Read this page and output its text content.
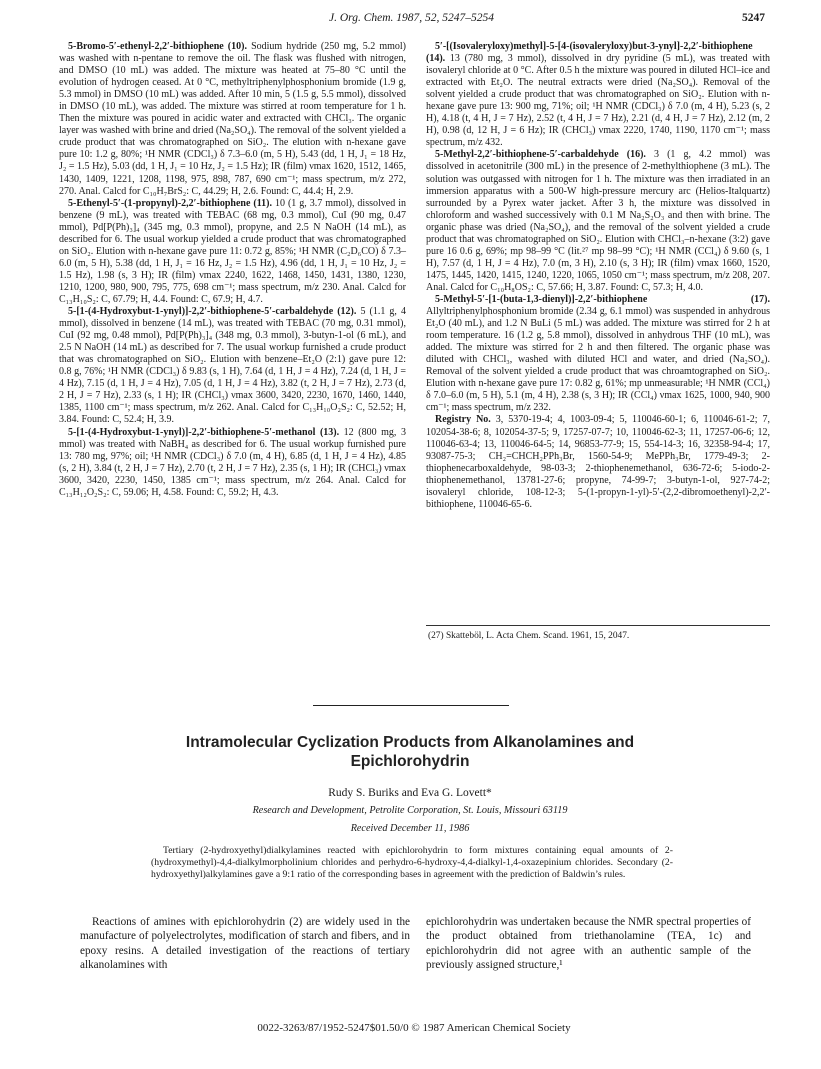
J. Org. Chem. 1987, 52, 5247–5254	5247

5-Bromo-5′-ethenyl-2,2′-bithiophene (10). Sodium hydride (250 mg, 5.2 mmol) was washed with n-pentane to remove the oil. The flask was flushed with nitrogen, and DMSO (10 mL) was added. The mixture was heated at 75–80 °C until the evolution of hydrogen ceased. At 0 °C, methyltriphenylphosphonium bromide (1.9 g, 5.3 mmol) in DMSO (10 mL) was added. After 10 min, 5 (1.5 g, 5.5 mmol), dissolved in DMSO (10 mL), was added. The mixture was stirred at room temperature for 1 h. Then the mixture was poured in acidic water and extracted with CHCl₃. The organic layer was washed with brine and dried (Na₂SO₄). The removal of the solvent yielded a crude product that was chromatographed on SiO₂. The elution with n-hexane gave pure 10: 1.2 g, 80%; ¹H NMR (CDCl₃) δ 7.3–6.0 (m, 5 H), 5.43 (dd, 1 H, J₁ = 18 Hz, J₂ = 1.5 Hz), 5.03 (dd, 1 H, J₁ = 10 Hz, J₂ = 1.5 Hz); IR (film) νmax 1620, 1512, 1465, 1430, 1409, 1221, 1208, 1198, 975, 898, 787, 690 cm⁻¹; mass spectrum, m/z 272, 270. Anal. Calcd for C₁₀H₇BrS₂: C, 44.29; H, 2.6. Found: C, 44.4; H, 2.9.

5-Ethenyl-5′-(1-propynyl)-2,2′-bithiophene (11). 10 (1 g, 3.7 mmol), dissolved in benzene (9 mL), was treated with TEBAC (68 mg, 0.3 mmol), CuI (90 mg, 0.47 mmol), Pd[P(Ph)₃]₄ (345 mg, 0.3 mmol), propyne, and 2.5 N NaOH (14 mL), as described for 6. The usual workup yielded a crude product that was chromatographed on SiO₂. Elution with n-hexane gave pure 11: 0.72 g, 85%; ¹H NMR (C₂D₆CO) δ 7.3–6.0 (m, 5 H), 5.38 (dd, 1 H, J₁ = 16 Hz, J₂ = 1.5 Hz), 4.96 (dd, 1 H, J₁ = 10 Hz, J₂ = 1.5 Hz), 1.98 (s, 3 H); IR (film) νmax 2240, 1622, 1468, 1450, 1431, 1380, 1230, 1210, 1200, 980, 900, 795, 775, 698 cm⁻¹; mass spectrum, m/z 230. Anal. Calcd for C₁₃H₁₀S₂: C, 67.79; H, 4.4. Found: C, 67.9; H, 4.7.

5-[1-(4-Hydroxybut-1-ynyl)]-2,2′-bithiophene-5′-carbaldehyde (12). 5 (1.1 g, 4 mmol), dissolved in benzene (14 mL), was treated with TEBAC (70 mg, 0.31 mmol), CuI (92 mg, 0.48 mmol), Pd[P(Ph)₃]₄ (348 mg, 0.3 mmol), 3-butyn-1-ol (6 mL), and 2.5 N NaOH (14 mL) as described for 7. The usual workup furnished a crude product that was chromatographed on SiO₂. Elution with benzene–Et₂O (2:1) gave pure 12: 0.8 g, 76%; ¹H NMR (CDCl₃) δ 9.83 (s, 1 H), 7.64 (d, 1 H, J = 4 Hz), 7.24 (d, 1 H, J = 4 Hz), 7.15 (d, 1 H, J = 4 Hz), 7.05 (d, 1 H, J = 4 Hz), 3.82 (t, 2 H, J = 7 Hz), 2.73 (d, 2 H, J = 7 Hz), 2.33 (s, 1 H); IR (CHCl₃) νmax 3600, 3420, 2230, 1670, 1460, 1440, 1385, 1100 cm⁻¹; mass spectrum, m/z 262. Anal. Calcd for C₁₃H₁₀O₂S₂: C, 52.52; H, 3.84. Found: C, 52.4; H, 3.9.

5-[1-(4-Hydroxybut-1-ynyl)]-2,2′-bithiophene-5′-methanol (13). 12 (800 mg, 3 mmol) was treated with NaBH₄ as described for 6. The usual workup furnished pure 13: 780 mg, 97%; oil; ¹H NMR (CDCl₃) δ 7.0 (m, 4 H), 6.85 (d, 1 H, J = 4 Hz), 4.85 (s, 2 H), 3.84 (t, 2 H, J = 7 Hz), 2.70 (t, 2 H, J = 7 Hz), 2.35 (s, 1 H); IR (CHCl₃) νmax 3600, 3420, 2230, 1450, 1385 cm⁻¹; mass spectrum, m/z 264. Anal. Calcd for C₁₃H₁₂O₂S₂: C, 59.06; H, 4.58. Found: C, 59.2; H, 4.3.

5′-[(Isovaleryloxy)methyl]-5-[4-(isovaleryloxy)but-3-ynyl]-2,2′-bithiophene (14). 13 (780 mg, 3 mmol), dissolved in dry pyridine (5 mL), was treated with isovaleryl chloride at 0 °C. After 0.5 h the mixture was poured in diluted HCl–ice and extracted with Et₂O. The neutral extracts were dried (Na₂SO₄). Removal of the solvent yielded a crude product that was chromatographed on SiO₂. Elution with n-hexane gave pure 13: 900 mg, 71%; oil; ¹H NMR (CDCl₃) δ 7.0 (m, 4 H), 5.23 (s, 2 H), 4.18 (t, 4 H, J = 7 Hz), 2.52 (t, 4 H, J = 7 Hz), 2.21 (d, 4 H, J = 7 Hz), 2.12 (m, 2 H), 0.98 (d, 12 H, J = 6 Hz); IR (CHCl₃) νmax 2220, 1740, 1190, 1170 cm⁻¹; mass spectrum, m/z 432.

5-Methyl-2,2′-bithiophene-5′-carbaldehyde (16). 3 (1 g, 4.2 mmol) was dissolved in acetonitrile (300 mL) in the presence of 2-methylthiophene (3 mL). The solution was outgassed with nitrogen for 1 h. The mixture was then irradiated in an immersion apparatus with a 500-W high-pressure mercury arc (Helios-Italquartz) surrounded by a Pyrex water jacket. After 3 h, the mixture was dissolved in chloroform and washed successively with 0.1 M Na₂S₂O₃ and then with brine. The organic phase was dried (Na₂SO₄), and the removal of the solvent yielded a crude product that was chromatographed on SiO₂. Elution with CHCl₃–n-hexane (3:2) gave pure 16 0.6 g, 69%; mp 98–99 °C (lit.²⁷ mp 98–99 °C); ¹H NMR (CCl₄) δ 9.60 (s, 1 H), 7.57 (d, 1 H, J = 4 Hz), 7.0 (m, 3 H), 2.10 (s, 3 H); IR (film) νmax 1660, 1520, 1475, 1445, 1420, 1415, 1240, 1220, 1065, 1050 cm⁻¹; mass spectrum, m/z 208, 207. Anal. Calcd for C₁₀H₈OS₂: C, 57.66; H, 3.87. Found: C, 57.3; H, 4.0.

5-Methyl-5′-[1-(buta-1,3-dienyl)]-2,2′-bithiophene (17). Allyltriphenylphosphonium bromide (2.34 g, 6.1 mmol) was suspended in anhydrous Et₂O (40 mL), and 1.2 N BuLi (5 mL) was added. The mixture was stirred for 2 h at room temperature. 16 (1.2 g, 5.8 mmol), dissolved in anhydrous THF (10 mL), was added. The mixture was stirred for 2 h and then filtered. The organic phase was diluted with CHCl₃, washed with diluted HCl and water, and dried (Na₂SO₄). Removal of the solvent yielded a crude product that was chroamtographed on SiO₂. Elution with n-hexane gave pure 17: 0.82 g, 61%; mp unmeasurable; ¹H NMR (CCl₄) δ 7.0–6.0 (m, 5 H), 5.1 (m, 4 H), 2.38 (s, 3 H); IR (CCl₄) νmax 1625, 1000, 940, 900 cm⁻¹; mass spectrum, m/z 232.

Registry No. 3, 5370-19-4; 4, 1003-09-4; 5, 110046-60-1; 6, 110046-61-2; 7, 102054-38-6; 8, 102054-37-5; 9, 17257-07-7; 10, 110046-62-3; 11, 17257-06-6; 12, 110046-63-4; 13, 110046-64-5; 14, 96853-77-9; 15, 554-14-3; 16, 32358-94-4; 17, 93087-75-3; CH₂=CHCH₂PPh₃Br, 1560-54-9; MePPh₃Br, 1779-49-3; 2-thiophenecarboxaldehyde, 98-03-3; 2-thiophenemethanol, 636-72-6; 5-iodo-2-thiophenemethanol, 13781-27-6; propyne, 74-99-7; 3-butyn-1-ol, 927-74-2; isovaleryl chloride, 108-12-3; 5-(1-propyn-1-yl)-5′-(2,2-dibromoethenyl)-2,2′-bithiophene, 110046-65-6.

(27) Skatteböl, L. Acta Chem. Scand. 1961, 15, 2047.
Intramolecular Cyclization Products from Alkanolamines and Epichlorohydrin
Rudy S. Buriks and Eva G. Lovett*
Research and Development, Petrolite Corporation, St. Louis, Missouri 63119
Received December 11, 1986
Tertiary (2-hydroxyethyl)dialkylamines reacted with epichlorohydrin to form mixtures containing equal amounts of 2-(hydroxymethyl)-4,4-dialkylmorpholinium chlorides and perhydro-6-hydroxy-4,4-dialkyl-1,4-oxazepinium chlorides. Secondary (2-hydroxyethyl)alkylamines gave a 9:1 ratio of the corresponding bases in agreement with the prediction of Baldwin’s rules.
Reactions of amines with epichlorohydrin (2) are widely used in the manufacture of polyelectrolytes, modification of starch and fibers, and in epoxy resins. A detailed investigation of the reactions of tertiary alkanolamines with
epichlorohydrin was undertaken because the NMR spectral properties of the product obtained from triethanolamine (TEA, 1c) and epichlorohydrin did not agree with an authentic sample of the previously assigned structure,¹
0022-3263/87/1952-5247$01.50/0 © 1987 American Chemical Society
